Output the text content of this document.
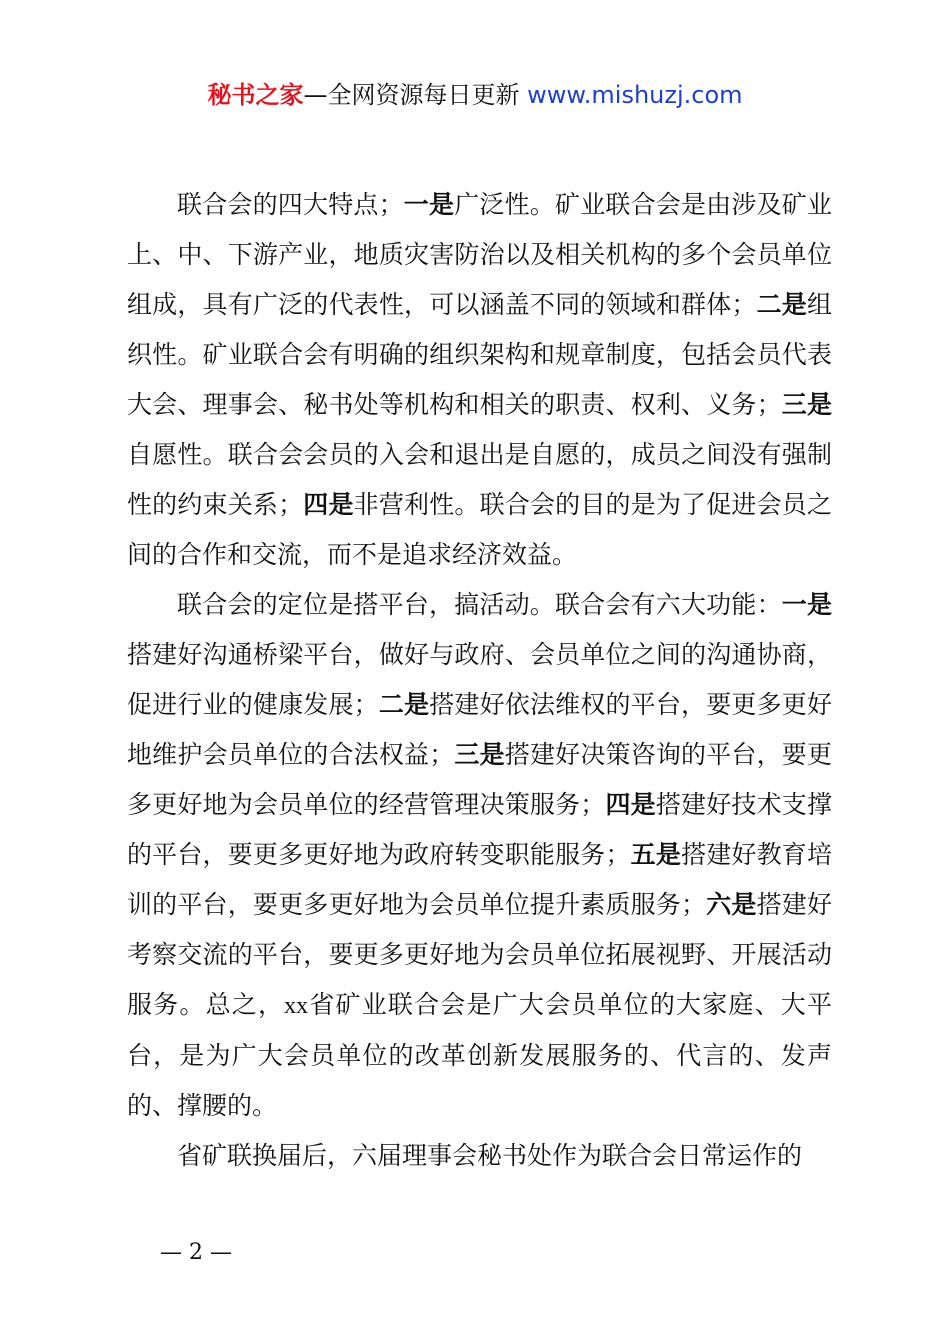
秘书之家—全网资源每日更新 www.mishuzj.com

联合会的四大特点；一是广泛性。矿业联合会是由涉及矿业上、中、下游产业，地质灾害防治以及相关机构的多个会员单位组成，具有广泛的代表性，可以涵盖不同的领域和群体；二是组织性。矿业联合会有明确的组织架构和规章制度，包括会员代表大会、理事会、秘书处等机构和相关的职责、权利、义务；三是自愿性。联合会会员的入会和退出是自愿的，成员之间没有强制性的约束关系；四是非营利性。联合会的目的是为了促进会员之间的合作和交流，而不是追求经济效益。

联合会的定位是搭平台，搞活动。联合会有六大功能：一是搭建好沟通桥梁平台，做好与政府、会员单位之间的沟通协商，促进行业的健康发展；二是搭建好依法维权的平台，要更多更好地维护会员单位的合法权益；三是搭建好决策咨询的平台，要更多更好地为会员单位的经营管理决策服务；四是搭建好技术支撑的平台，要更多更好地为政府转变职能服务；五是搭建好教育培训的平台，要更多更好地为会员单位提升素质服务；六是搭建好考察交流的平台，要更多更好地为会员单位拓展视野、开展活动服务。总之，xx省矿业联合会是广大会员单位的大家庭、大平台，是为广大会员单位的改革创新发展服务的、代言的、发声的、撑腰的。

省矿联换届后，六届理事会秘书处作为联合会日常运作的

— 2 —
